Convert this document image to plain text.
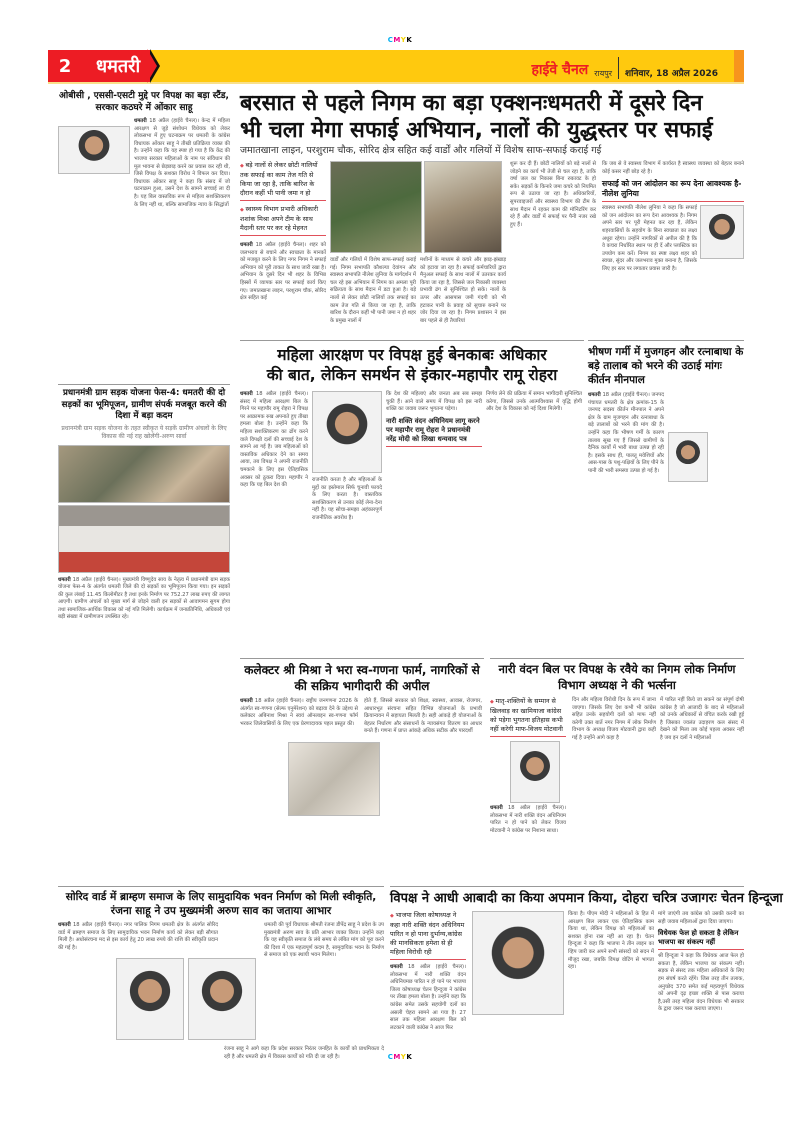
CMYK
2	धमतरी	हाईवे चैनल रायपुर शनिवार, 18 अप्रैल 2026
ओबीसी , एससी-एसटी मुद्दे पर विपक्ष का बड़ा स्टैंड, सरकार कठघरे में ओंकार साहू

धमतरी 18 अप्रैल (हाईवे चैनल)। केन्द्र में महिला आरक्षण से जुड़े संशोधन विधेयक को लेकर लोकसभा में हुए घटनाक्रम पर धमतरी के कांग्रेस विधायक ओंकार साहू ने तीखी प्रतिक्रिया व्यक्त की है। उन्होंने कहा कि यह स्पष्ट हो गया है कि केंद्र की भाजपा सरकार महिलाओं के नाम पर संविधान की मूल भावना से छेड़छाड़ करने का प्रयास कर रही थी, जिसे विपक्ष के सशक्त विरोध ने विफल कर दिया। विधायक ओंकार साहू ने कहा कि संसद में जो घटनाक्रम हुआ, उसने देश के सामने सच्चाई ला दी है। यह बिल वास्तविक रूप से महिला सशक्तिकरण के लिए नहीं था, बल्कि सामाजिक न्याय के सिद्धांतों

प्रधानमंत्री ग्राम सड़क योजना फेस-4: धमतरी की दो सड़कों का भूमिपूजन, ग्रामीण संपर्क मजबूत करने की दिशा में बड़ा कदम

प्रधानमंत्री ग्राम सड़क योजना के तहत स्वीकृत ये सड़कें ग्रामीण अंचलों के लिए विकास की नई राह खोलेंगी-अरुण सार्वा

धमतरी 18 अप्रैल (हाईवे चैनल)। मुख्यमंत्री विष्णुदेव साय के नेतृत्व में प्रधानमंत्री ग्राम सड़क योजना फेस-4 के अंतर्गत धमतरी जिले की दो सड़कों का भूमिपूजन किया गया। इन सड़कों की कुल लंबाई 11.45 किलोमीटर है तथा इनके निर्माण पर 752.27 लाख रुपए की लागत आएगी। ग्रामीण अंचलों को मुख्य मार्ग से जोड़ने वाली इन सड़कों से आवागमन सुगम होगा तथा सामाजिक-आर्थिक विकास को नई गति मिलेगी। कार्यक्रम में जनप्रतिनिधि, अधिकारी एवं बड़ी संख्या में ग्रामीणजन उपस्थित रहे।

बरसात से पहले निगम का बड़ा एक्शनःधमतरी में दूसरे दिन
भी चला मेगा सफाई अभियान, नालों की युद्धस्तर पर सफाई

जमातखाना लाइन, परशुराम चौक, सोरिद क्षेत्र सहित कई वार्डों और गलियों में विशेष साफ-सफाई कराई गई

◆ बड़े नालों से लेकर छोटी नालियों तक सफाई का काम तेज गति से किया जा रहा है, ताकि बारिश के दौरान कहीं भी पानी जमा न हो

◆ स्वास्थ्य विभाग प्रभारी अधिकारी शशांक मिश्रा अपने टीम के साथ मैदानी स्तर पर कर रहे मेहनत

धमतरी 18 अप्रैल (हाईवे चैनल)। शहर को जलभराव से बचाने और स्वच्छता के मानकों को मजबूत करने के लिए नगर निगम ने सफाई अभियान को पूरी ताकत के साथ जारी रखा है। अभियान के दूसरे दिन भी शहर के विभिन्न हिस्सों में व्यापक स्तर पर सफाई कार्य किए गए। जमातखाना लाइन, परशुराम चौक, सोरिद क्षेत्र सहित कई

वार्डों और गलियों में विशेष साफ-सफाई कराई गई। निगम सभापति कौशल्या देवांगन और स्वास्थ्य सभापति नीलेश लुनिया के मार्गदर्शन में चल रहे इस अभियान में निगम का अमला पूरी सक्रियता के साथ मैदान में डटा हुआ है। बड़े नालों से लेकर छोटी नालियों तक सफाई का काम तेज गति से किया जा रहा है, ताकि बारिश के दौरान कहीं भी पानी जमा न हो शहर के प्रमुख नालों में

मशीनों के माध्यम से कचरे और झाड़-झंखाड़ को हटाया जा रहा है। सफाई कर्मचारियों द्वारा मैनुअल सफाई के साथ नालों में उतरकर कार्य किया जा रहा है, जिससे जल निकासी व्यवस्था प्रभावी ढंग से सुनिश्चित हो सके। नालों के ऊपर और आसपास जमी गंदगी को भी हटाकर पानी के प्रवाह को सुचारु बनाने पर जोर दिया जा रहा है। निगम प्रशासन ने इस बार पहले से ही तैयारियां

शुरू कर दी हैं। छोटी नालियों को बड़े नालों से जोड़ने का कार्य भी तेजी से चल रहा है, ताकि वर्षा जल का निकास बिना रुकावट के हो सके। सड़कों के किनारे जमा कचरे को नियमित रूप से उठाया जा रहा है। अधिकारियों, सुपरवाइजरों और स्वास्थ्य विभाग की टीम के साथ मैदान में रहकर काम की मॉनिटरिंग कर रहे हैं और वार्डों में सफाई पर पैनी नजर रखे हुए हैं।

कि जब से वे स्वास्थ्य विभाग में कार्यरत है स्वास्थ्य व्यवस्था को बेहतर बनाने कोई कसर नहीं छोड़ रहे है।

सफाई को जन आंदोलन का रूप देना आवश्यक है-नीलेश लुनिया

स्वास्थ्य सभापति नीलेश लुनिया ने कहा कि सफाई को जन आंदोलन का रूप देना आवश्यक है। निगम अपने स्तर पर पूरी मेहनत कर रहा है, लेकिन शहरवासियों के सहयोग के बिना स्वच्छता का लक्ष्य अधूरा रहेगा। उन्होंने नागरिकों से अपील की है कि वे कचरा निर्धारित स्थान पर ही दें और प्लास्टिक का उपयोग कम करें। निगम का स्पष्ट लक्ष्य शहर को स्वच्छ, सुंदर और जलभराव मुक्त बनाना है, जिसके लिए हर स्तर पर लगातार प्रयास जारी है।

महिला आरक्षण पर विपक्ष हुई बेनकाबः अधिकार
की बात, लेकिन समर्थन से इंकार-महापौर रामू रोहरा

धमतरी 18 अप्रैल (हाईवे चैनल)। संसद में महिला आरक्षण बिल के गिरने पर महापौर रामू रोहरा ने विपक्ष पर आक्रामक रुख अपनाते हुए तीखा हमला बोला है। उन्होंने कहा कि महिला सशक्तिकरण का ढोंग करने वाले विपक्षी दलों की सच्चाई देश के सामने आ गई है। जब महिलाओं को वास्तविक अधिकार देने का समय आया, तब विपक्ष ने अपनी राजनीति चमकाने के लिए इस ऐतिहासिक अवसर को ठुकरा दिया। महापौर ने कहा कि यह बिल देश की

राजनीति करता है और महिलाओं के मुद्दों का इस्तेमाल सिर्फ चुनावी फायदे के लिए करता है। वास्तविक सशक्तिकरण से उनका कोई लेना-देना नहीं है। यह सोचा-समझा अहंकारपूर्ण राजनीतिक अवरोध है।

कि देश की महिलाएं और जनता अब सब समझ चुकी हैं। आने वाले समय में विपक्ष को इस नारी शक्ति का जवाब जरूर भुगतना पड़ेगा।

नारी शक्ति वंदन अधिनियम लागू करने पर महापौर रामू रोहरा ने प्रधानमंत्री नरेंद्र मोदी को लिखा धन्यवाद पत्र

निर्णय लेने की प्रक्रिया में समान भागीदारी सुनिश्चित करेगा, जिससे उनके आत्मविश्वास में वृद्धि होगी और देश के विकास को नई दिशा मिलेगी।

भीषण गर्मी में मुजगहन और रत्नाबाधा के बड़े तालाब को भरने की उठाई मांगः कीर्तन मीनपाल

धमतरी 18 अप्रैल (हाईवे चैनल)। जनपद पंचायत धमतरी के क्षेत्र क्रमांक-15 के जनपद सदस्य कीर्तन मीनपाल ने अपने क्षेत्र के ग्राम मुजगहन और रत्नाबाधा के बड़े तालाबों को भरने की मांग की है। उन्होंने कहा कि भीषण गर्मी के कारण तालाब सूख गए हैं जिससे ग्रामीणों के दैनिक कार्यों में भारी बाधा उत्पन्न हो रही है। इसके साथ ही, पालतू मवेशियों और आस-पास के पशु-पक्षियों के लिए पीने के पानी की भारी समस्या उत्पन्न हो गई है।

कलेक्टर श्री मिश्रा ने भरा स्व-गणना फार्म, नागरिकों से की सक्रिय भागीदारी की अपील

धमतरी 18 अप्रैल (हाईवे चैनल)। राष्ट्रीय जनगणना 2026 के अंतर्गत स्व-गणना (सेल्फ एनुमेरेशन) को बढ़ावा देने के उद्देश्य से कलेक्टर अबिनाश मिश्रा ने स्वयं ऑनलाइन स्व-गणना फॉर्म भरकर जिलेवासियों के लिए एक प्रेरणादायक पहल प्रस्तुत की।

होते हैं, जिससे सरकार को शिक्षा, स्वास्थ्य, आवास, रोजगार, आधारभूत संरचना सहित विभिन्न योजनाओं के प्रभावी क्रियान्वयन में सहायता मिलती है। सही आंकड़े ही योजनाओं के बेहतर निर्धारण और संसाधनों के न्यायसंगत वितरण का आधार बनते हैं। गणना में प्राप्त आंकड़े अधिक सटीक और पारदर्शी

नारी वंदन बिल पर विपक्ष के रवैये का निगम लोक निर्माण विभाग अध्यक्ष ने की भर्त्सना

◆ मातृ-शक्तियों के सम्मान से खिलवाड़ का खामियाजा कांग्रेस को पड़ेगा भुगतना इतिहास कभी नहीं करेगी माफ-विजय मोटवानी

धमतरी 18 अप्रैल (हाईवे चैनल)। लोकसभा में नारी शक्ति वंदन अधिनियम पारित न हो पाने को लेकर विजय मोटवानी ने कांग्रेस पर निशाना साधा।

दिन और महिला विरोधी दिन के रूप में जाना जाएगा। जिसके लिए देश कभी भी कांग्रेस सहित उनके सहयोगी दलों को माफ नहीं करेगी उक्त बातें नगर निगम में लोक निर्माण विभाग के अध्यक्ष विजय मोटवानी द्वारा कही गई है उन्होंने आगे कहा है

में पारित नहीं किये जा सकने का संपूर्ण दोषी कांग्रेस है जो आजादी के बाद से महिलाओं को उनके अधिकारों से वंचित करके रखी हुई है जिसका ज्वलंत उदाहरण कल संसद में देखने को मिला तब कोई पहला अवसर नहीं है जब इन दलों ने महिलाओं

सोरिद वार्ड में ब्राम्हण समाज के लिए सामुदायिक भवन निर्माण को मिली स्वीकृति, रंजना साहू ने उप मुख्यमंत्री अरुण साव का जताया आभार

धमतरी 18 अप्रैल (हाईवे चैनल)। नगर पालिक निगम धमतरी क्षेत्र के अंतर्गत सोरिद वार्ड में ब्राम्हण समाज के लिए सामुदायिक भवन निर्माण कार्य को लेकर बड़ी सौगात मिली है। अधोसंरचना मद से इस कार्य हेतु 20 लाख रुपये की राशि की स्वीकृति प्रदान की गई है।

धमतरी की पूर्व विधायक श्रीमती रंजना डीपेंद्र साहू ने प्रदेश के उप मुख्यमंत्री अरुण साव के प्रति आभार व्यक्त किया। उन्होंने कहा कि यह स्वीकृति समाज के लंबे समय से लंबित मांग को पूरा करने की दिशा में एक महत्वपूर्ण कदम है, सामुदायिक भवन के निर्माण से समाज को एक स्थायी भवन मिलेगा।

रंजना साहू ने आगे कहा कि प्रदेश सरकार निरंतर जनहित के कार्यों को प्राथमिकता दे रही है और धमतरी क्षेत्र में विकास कार्यों को गति दी जा रही है।

विपक्ष ने आधी आबादी का किया अपमान किया, दोहरा चरित्र उजागरः चेतन हिन्दूजा

◆ भाजपा जिला कोषाध्यक्ष ने कहा नारी शक्ति वंदन अधिनियम पारित न हो पाना दुर्भाग्य,कांग्रेस की मानसिकता हमेशा से ही महिला विरोधी रही

धमतरी 18 अप्रैल (हाईवे चैनल)। लोकसभा में नारी शक्ति वंदन अधिनियमछ पारित न हो पाने पर भाजपा जिला कोषाध्यक्ष चेतन हिन्दूजा ने कांग्रेस पर तीखा हमला बोला है। उन्होंने कहा कि कांग्रेस समेत उसके सहयोगी दलों का असली चेहरा सामने आ गया है। 27 साल तक महिला आरक्षण बिल को लटकाने वाली कांग्रेस ने आज फिर

किया है। पीएम मोदी ने महिलाओं के हित में आरक्षण बिल लाकर एक ऐतिहासिक काम किया था, लेकिन विपक्ष को महिलाओं का सशक्त होना रास नहीं आ रहा है। चेतन हिन्दूजा ने कहा कि भाजपा ने तीन लाइन का व्हिप जारी कर अपने सभी सांसदों को सदन में मौजूद रखा, जबकि विपक्ष वोटिंग से भागता रहा।

मांगे जाएंगी तब कांग्रेस को उसकी करनी का सही जवाब महिलाओं द्वारा दिया जाएगा।

विधेयक फेल हो सकता है लेकिन भाजपा का संकल्प नहीं

श्री हिन्दूजा ने कहा कि विधेयक आज फेल हो सकता है, लेकिन भाजपा का संकल्प नहीं। सड़क से संसद तक महिला अधिकारों के लिए हम संघर्ष करते रहेंगे। जिस तरह तीन तलाक, अनुच्छेद 370 समेत कई महत्वपूर्ण विधेयक को अपनी दृढ़ इच्छा शक्ति से पास कराया है,उसी तरह महिला वंदन विधेयक भी सरकार के द्वारा जरूर पास कराया जाएगा।

CMYK
